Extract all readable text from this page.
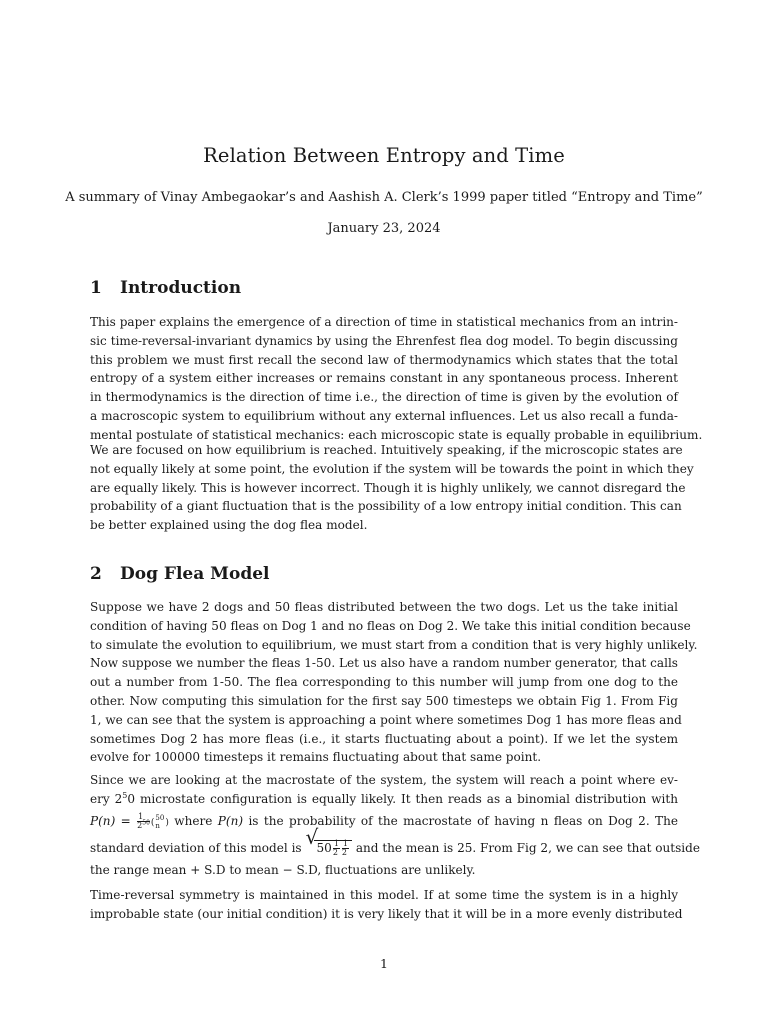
Relation Between Entropy and Time
A summary of Vinay Ambegaokar’s and Aashish A. Clerk’s 1999 paper titled “Entropy and Time”
January 23, 2024
1 Introduction
This paper explains the emergence of a direction of time in statistical mechanics from an intrin-
sic time-reversal-invariant dynamics by using the Ehrenfest flea dog model. To begin discussing
this problem we must first recall the second law of thermodynamics which states that the total
entropy of a system either increases or remains constant in any spontaneous process. Inherent
in thermodynamics is the direction of time i.e., the direction of time is given by the evolution of
a macroscopic system to equilibrium without any external influences. Let us also recall a funda-
mental postulate of statistical mechanics: each microscopic state is equally probable in equilibrium.
We are focused on how equilibrium is reached. Intuitively speaking, if the microscopic states are
not equally likely at some point, the evolution if the system will be towards the point in which they
are equally likely. This is however incorrect. Though it is highly unlikely, we cannot disregard the
probability of a giant fluctuation that is the possibility of a low entropy initial condition. This can
be better explained using the dog flea model.
2 Dog Flea Model
Suppose we have 2 dogs and 50 fleas distributed between the two dogs. Let us the take initial
condition of having 50 fleas on Dog 1 and no fleas on Dog 2. We take this initial condition because
to simulate the evolution to equilibrium, we must start from a condition that is very highly unlikely.
Now suppose we number the fleas 1-50. Let us also have a random number generator, that calls
out a number from 1-50. The flea corresponding to this number will jump from one dog to the
other. Now computing this simulation for the first say 500 timesteps we obtain Fig 1. From Fig
1, we can see that the system is approaching a point where sometimes Dog 1 has more fleas and
sometimes Dog 2 has more fleas (i.e., it starts fluctuating about a point). If we let the system
evolve for 100000 timesteps it remains fluctuating about that same point.
Since we are looking at the macrostate of the system, the system will reach a point where ev-
ery $2^50$ microstate configuration is equally likely. It then reads as a binomial distribution with
$P(n) = \frac{1}{2^{50}}$ ( 50
n ) where P(n) is the probability of the macrostate of having n fleas on Dog 2. The
standard deviation of this model is √
$50 \frac{1}{2} \frac{1}{2}$ and the mean is 25. From Fig 2, we can see that outside
the range mean + S.D to mean − S.D, fluctuations are unlikely.
Time-reversal symmetry is maintained in this model. If at some time the system is in a highly
improbable state (our initial condition) it is very likely that it will be in a more evenly distributed
1
